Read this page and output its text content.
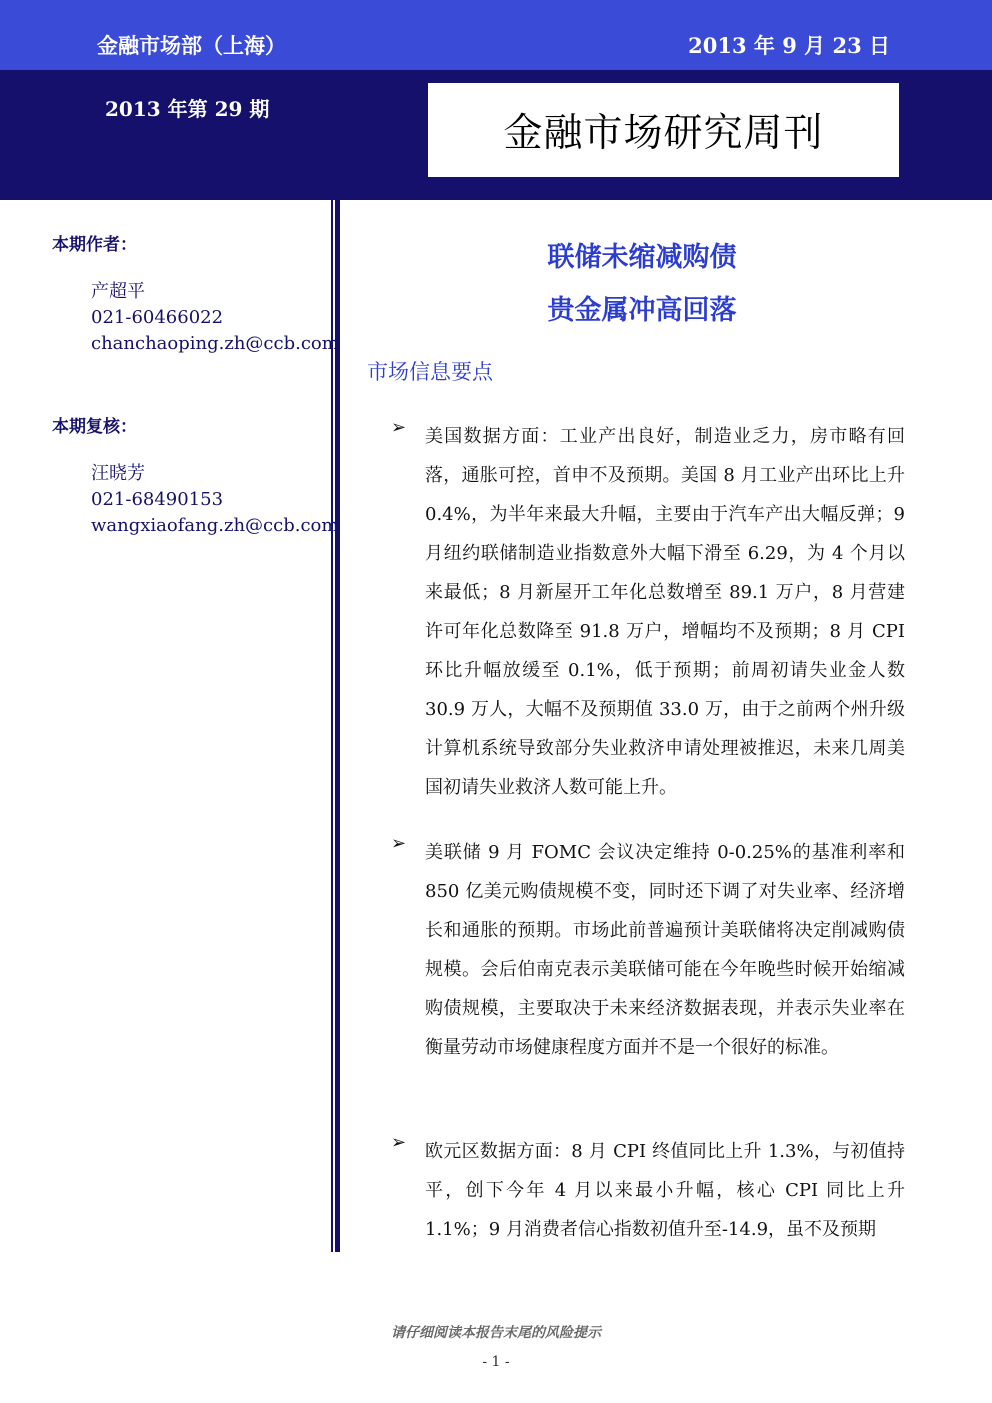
金融市场部（上海）	2013 年 9 月 23 日
2013 年第 29 期
金融市场研究周刊
本期作者：
产超平
021-60466022
chanchaoping.zh@ccb.com
本期复核：
汪晓芳
021-68490153
wangxiaofang.zh@ccb.com
联储未缩减购债
贵金属冲高回落
市场信息要点
➢ 美国数据方面：工业产出良好，制造业乏力，房市略有回落，通胀可控，首申不及预期。美国 8 月工业产出环比上升 0.4%，为半年来最大升幅，主要由于汽车产出大幅反弹；9 月纽约联储制造业指数意外大幅下滑至 6.29，为 4 个月以来最低；8 月新屋开工年化总数增至 89.1 万户，8 月营建许可年化总数降至 91.8 万户，增幅均不及预期；8 月 CPI 环比升幅放缓至 0.1%，低于预期；前周初请失业金人数 30.9 万人，大幅不及预期值 33.0 万，由于之前两个州升级计算机系统导致部分失业救济申请处理被推迟，未来几周美国初请失业救济人数可能上升。
➢ 美联储 9 月 FOMC 会议决定维持 0-0.25%的基准利率和 850 亿美元购债规模不变，同时还下调了对失业率、经济增长和通胀的预期。市场此前普遍预计美联储将决定削减购债规模。会后伯南克表示美联储可能在今年晚些时候开始缩减购债规模，主要取决于未来经济数据表现，并表示失业率在衡量劳动市场健康程度方面并不是一个很好的标准。
➢ 欧元区数据方面：8 月 CPI 终值同比上升 1.3%，与初值持平，创下今年 4 月以来最小升幅，核心 CPI 同比上升 1.1%；9 月消费者信心指数初值升至-14.9，虽不及预期
请仔细阅读本报告末尾的风险提示
- 1 -
